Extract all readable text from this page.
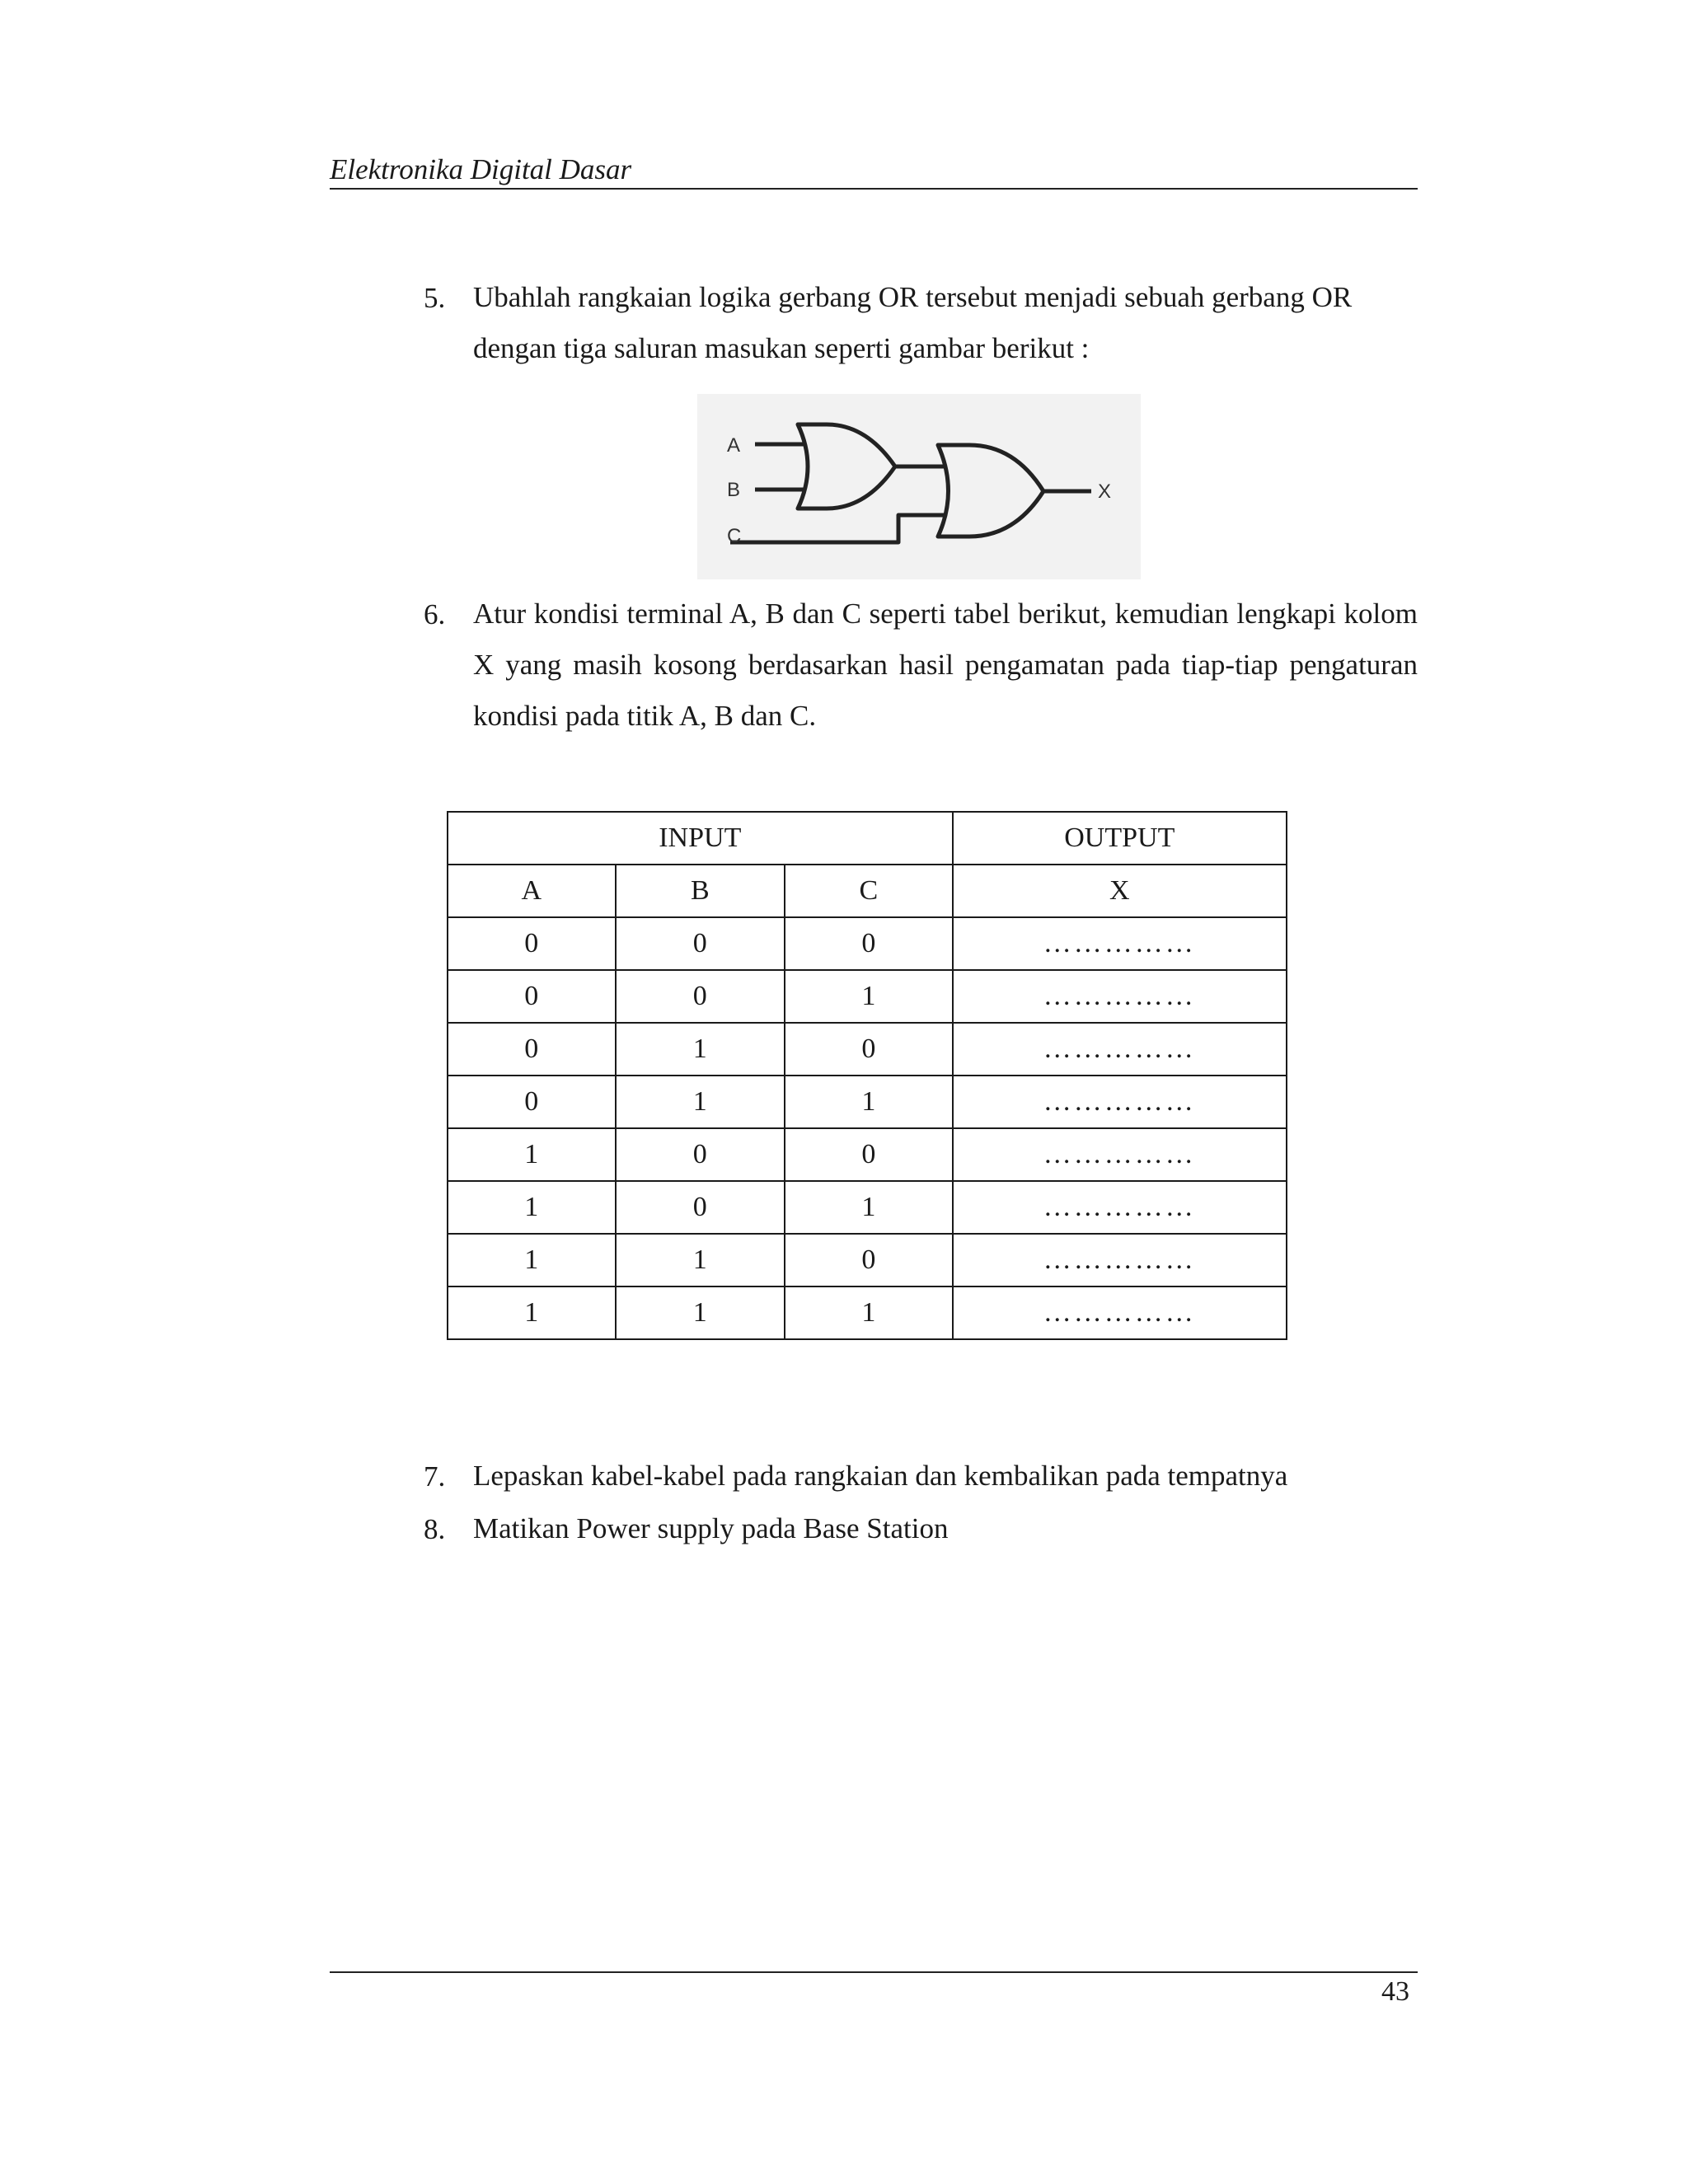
Elektronika Digital Dasar
5. Ubahlah rangkaian logika gerbang OR tersebut menjadi sebuah gerbang OR dengan tiga saluran masukan seperti gambar berikut :
A
B
C
X
6. Atur kondisi terminal A, B dan C seperti tabel berikut, kemudian lengkapi kolom X yang masih kosong berdasarkan hasil pengamatan pada tiap-tiap pengaturan kondisi pada titik A, B dan C.
INPUT			OUTPUT
A	B	C	X
0	0	0	……………
0	0	1	……………
0	1	0	……………
0	1	1	……………
1	0	0	……………
1	0	1	……………
1	1	0	……………
1	1	1	……………
7. Lepaskan kabel-kabel pada rangkaian dan kembalikan pada tempatnya
8. Matikan Power supply pada Base Station
43
